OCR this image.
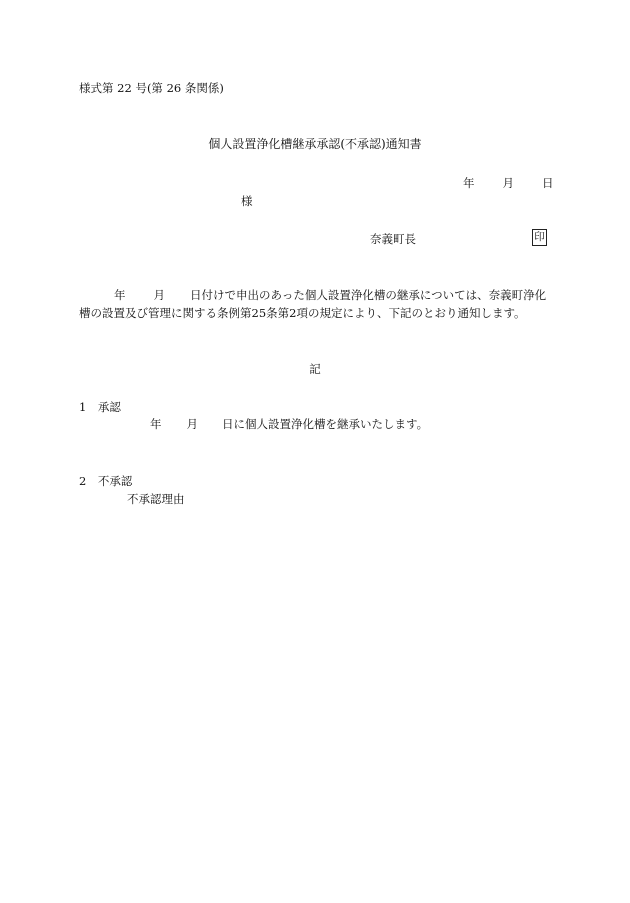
様式第 22 号(第 26 条関係)
個人設置浄化槽継承承認(不承認)通知書
年 月 日
様
奈義町長	印
年 月 日付けで申出のあった個人設置浄化槽の継承については、奈義町浄化
槽の設置及び管理に関する条例第25条第2項の規定により、下記のとおり通知します。
記
1　承認
年 月 日に個人設置浄化槽を継承いたします。
2　不承認
不承認理由
